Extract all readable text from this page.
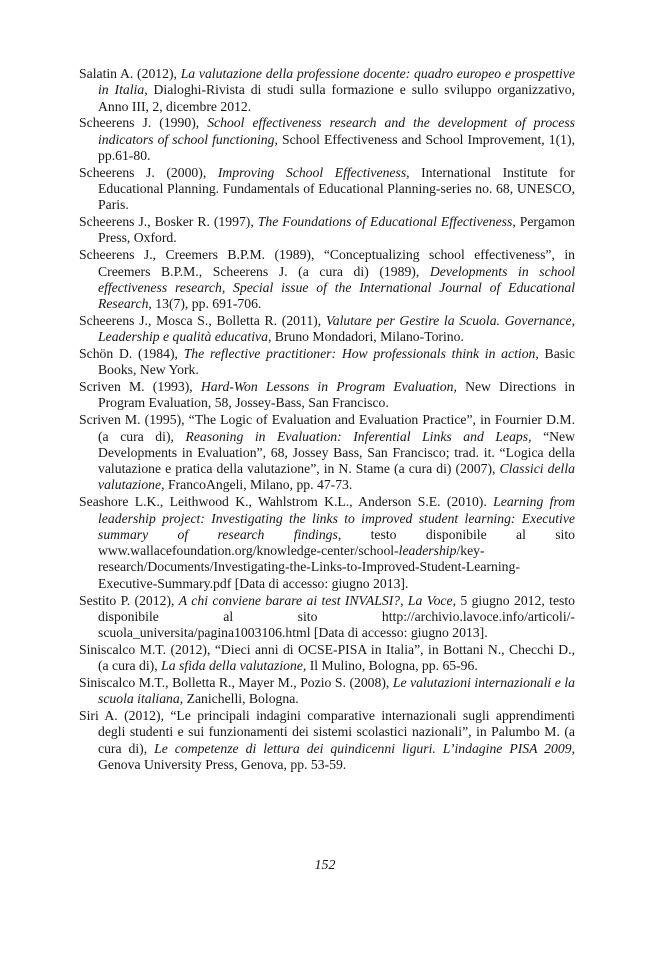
Salatin A. (2012), La valutazione della professione docente: quadro europeo e prospettive in Italia, Dialoghi-Rivista di studi sulla formazione e sullo sviluppo organizzativo, Anno III, 2, dicembre 2012.

Scheerens J. (1990), School effectiveness research and the development of process indicators of school functioning, School Effectiveness and School Improvement, 1(1), pp.61-80.

Scheerens J. (2000), Improving School Effectiveness, International Institute for Educational Planning. Fundamentals of Educational Planning-series no. 68, UNESCO, Paris.

Scheerens J., Bosker R. (1997), The Foundations of Educational Effectiveness, Pergamon Press, Oxford.

Scheerens J., Creemers B.P.M. (1989), “Conceptualizing school effectiveness”, in Creemers B.P.M., Scheerens J. (a cura di) (1989), Developments in school effectiveness research, Special issue of the International Journal of Educational Research, 13(7), pp. 691-706.

Scheerens J., Mosca S., Bolletta R. (2011), Valutare per Gestire la Scuola. Governance, Leadership e qualità educativa, Bruno Mondadori, Milano-Torino.

Schön D. (1984), The reflective practitioner: How professionals think in action, Basic Books, New York.

Scriven M. (1993), Hard-Won Lessons in Program Evaluation, New Directions in Program Evaluation, 58, Jossey-Bass, San Francisco.

Scriven M. (1995), “The Logic of Evaluation and Evaluation Practice”, in Fournier D.M. (a cura di), Reasoning in Evaluation: Inferential Links and Leaps, “New Developments in Evaluation”, 68, Jossey Bass, San Francisco; trad. it. “Logica della valutazione e pratica della valutazione”, in N. Stame (a cura di) (2007), Classici della valutazione, FrancoAngeli, Milano, pp. 47-73.

Seashore L.K., Leithwood K., Wahlstrom K.L., Anderson S.E. (2010). Learning from leadership project: Investigating the links to improved student learning: Executive summary of research findings, testo disponibile al sito www.wallacefoundation.org/knowledge-center/school-leadership/key-research/Documents/Investigating-the-Links-to-Improved-Student-Learning-Executive-Summary.pdf [Data di accesso: giugno 2013].

Sestito P. (2012), A chi conviene barare ai test INVALSI?, La Voce, 5 giugno 2012, testo disponibile al sito http://archivio.lavoce.info/articoli/-scuola_universita/pagina1003106.html [Data di accesso: giugno 2013].

Siniscalco M.T. (2012), “Dieci anni di OCSE-PISA in Italia”, in Bottani N., Checchi D., (a cura di), La sfida della valutazione, Il Mulino, Bologna, pp. 65-96.

Siniscalco M.T., Bolletta R., Mayer M., Pozio S. (2008), Le valutazioni internazionali e la scuola italiana, Zanichelli, Bologna.

Siri A. (2012), “Le principali indagini comparative internazionali sugli apprendimenti degli studenti e sui funzionamenti dei sistemi scolastici nazionali”, in Palumbo M. (a cura di), Le competenze di lettura dei quindicenni liguri. L’indagine PISA 2009, Genova University Press, Genova, pp. 53-59.

152
